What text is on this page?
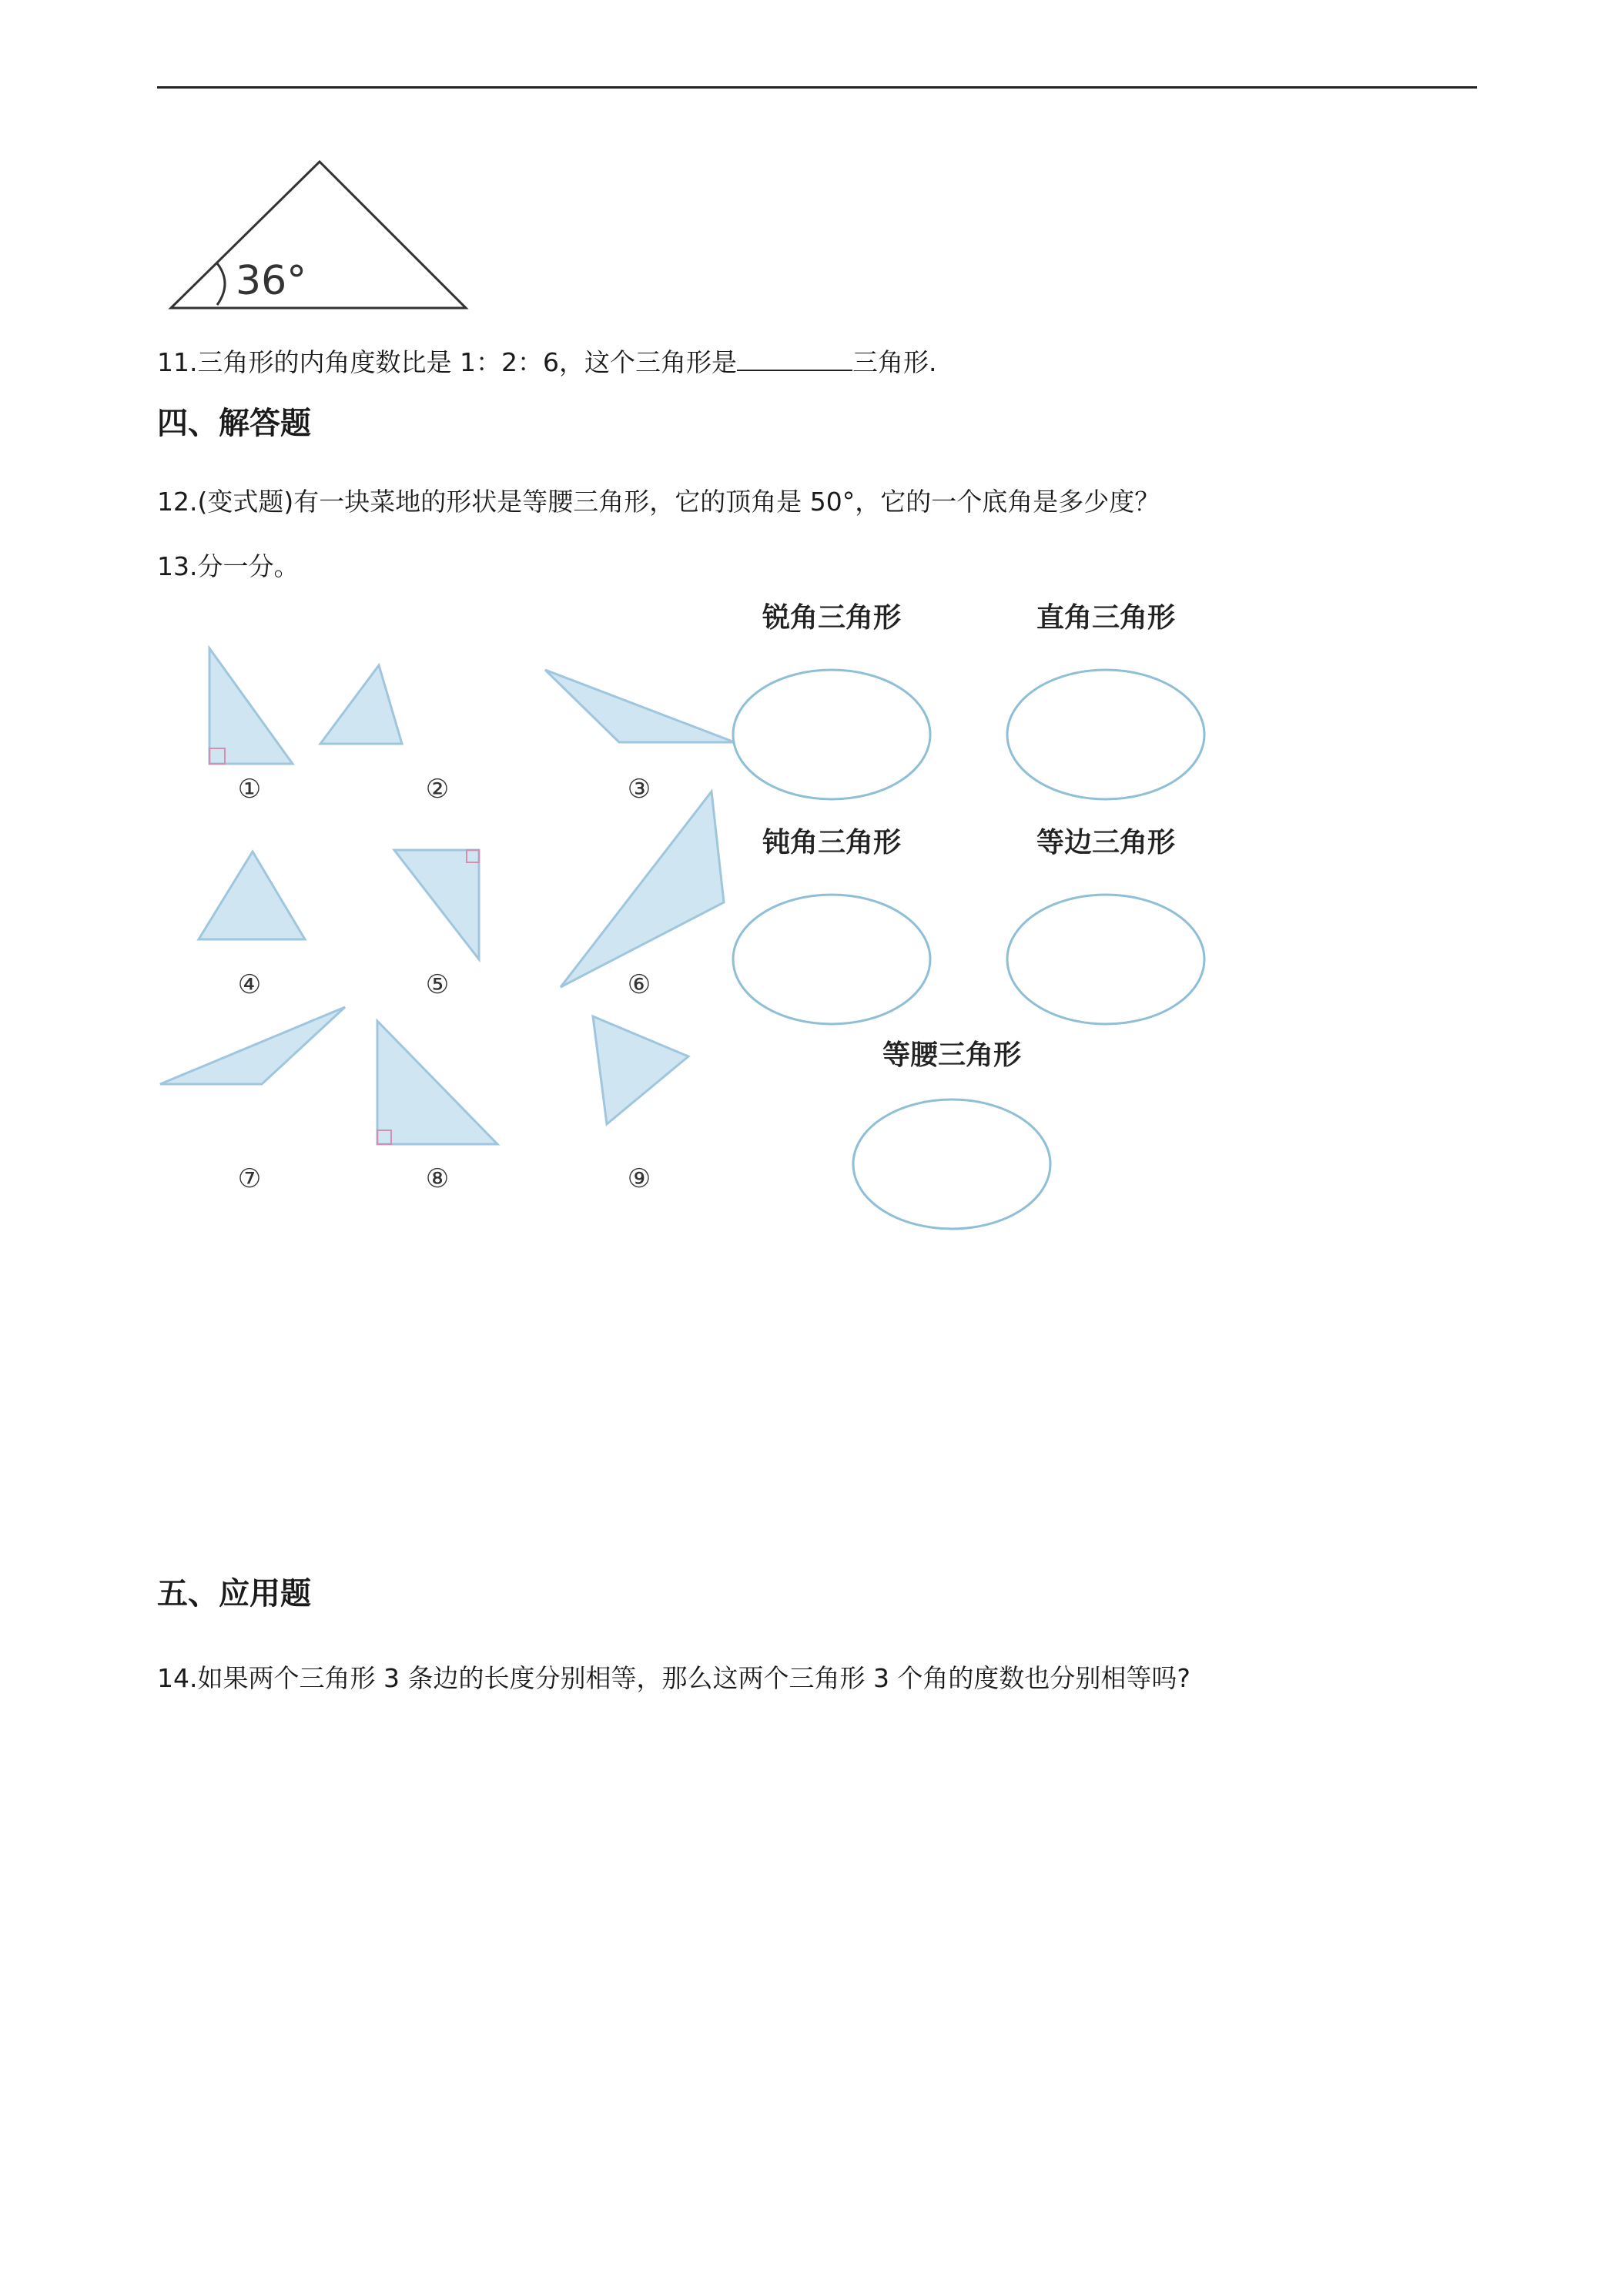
36°
11.三角形的内角度数比是 1：2：6，这个三角形是	三角形.
四、解答题
12.(变式题)有一块菜地的形状是等腰三角形，它的顶角是 50°，它的一个底角是多少度？
13.分一分。
①	②	③
④	⑤	⑥
⑦	⑧	⑨
锐角三角形	直角三角形
钝角三角形	等边三角形
等腰三角形
五、应用题
14.如果两个三角形 3 条边的长度分别相等，那么这两个三角形 3 个角的度数也分别相等吗?
